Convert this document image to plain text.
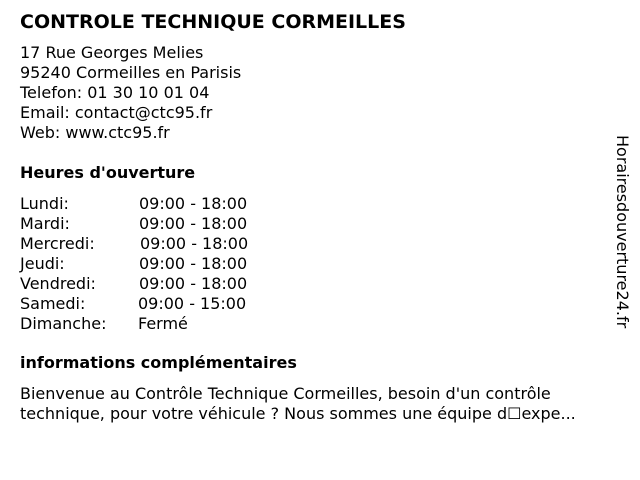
CONTROLE TECHNIQUE CORMEILLES
17 Rue Georges Melies
95240 Cormeilles en Parisis
Telefon: 01 30 10 01 04
Email: contact@ctc95.fr
Web: www.ctc95.fr
Heures d'ouverture
Lundi:	09:00 - 18:00
Mardi:	09:00 - 18:00
Mercredi:	09:00 - 18:00
Jeudi:	09:00 - 18:00
Vendredi:	09:00 - 18:00
Samedi:	09:00 - 15:00
Dimanche: Fermé
informations complémentaires
Bienvenue au Contrôle Technique Cormeilles, besoin d'un contrôle
technique, pour votre véhicule ? Nous sommes une équipe d☐expe...
Horairesdouverture24.fr
